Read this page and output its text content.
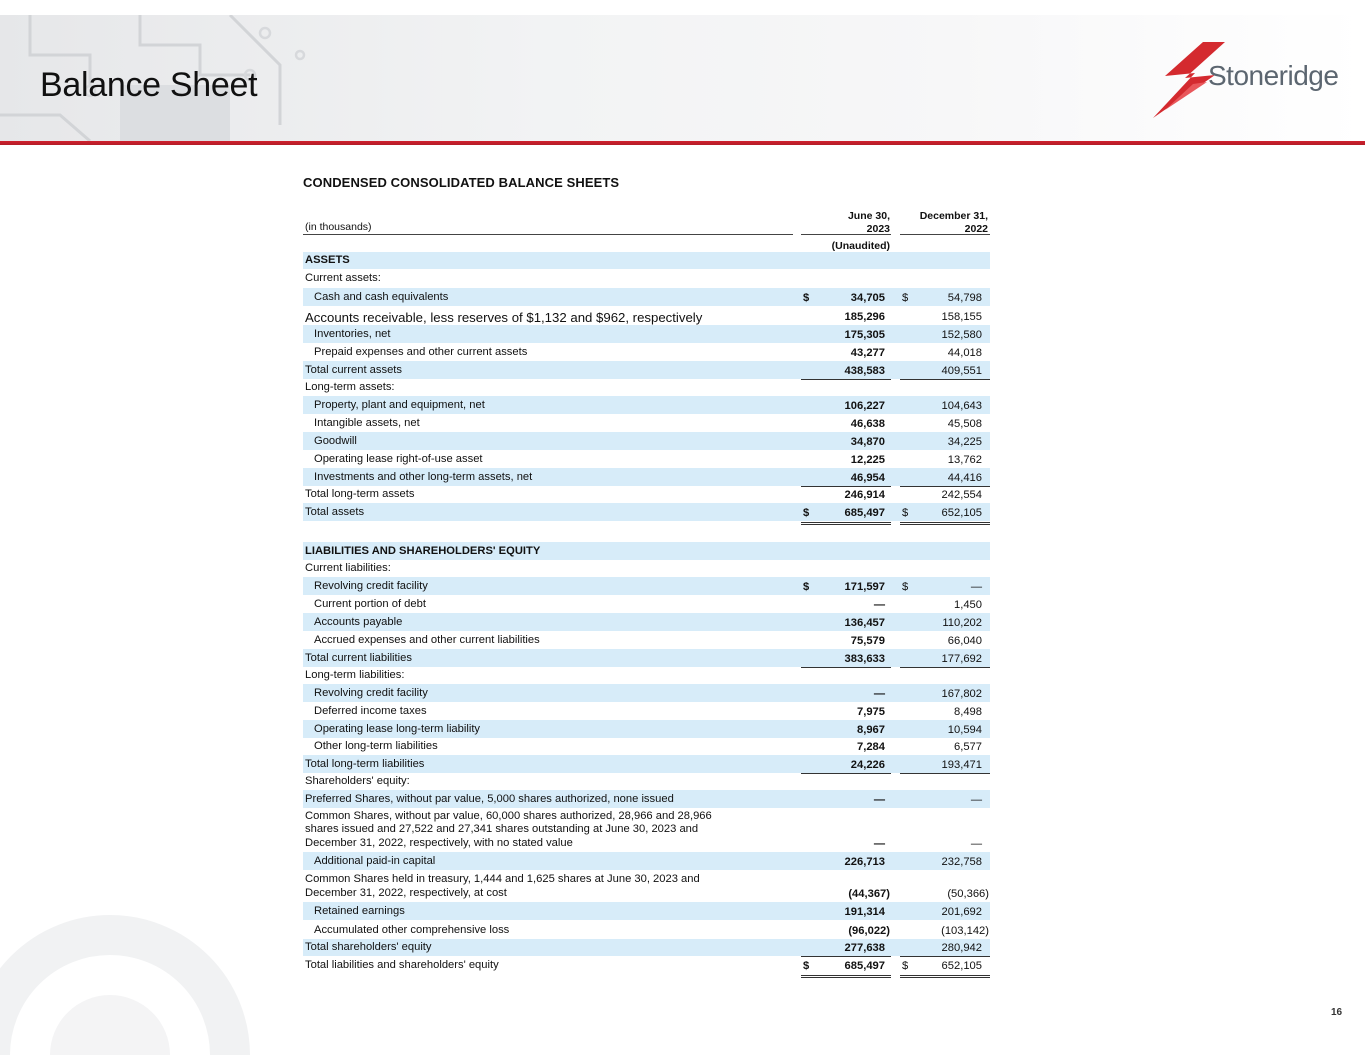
Balance Sheet	Stoneridge
CONDENSED CONSOLIDATED BALANCE SHEETS
(in thousands)
June 30,
2023
December 31,
2022
(Unaudited)
ASSETS
Current assets:
Cash and cash equivalents	$	34,705 $	54,798
Accounts receivable, less reserves of $1,132 and $962, respectively	185,296	158,155
Inventories, net	175,305	152,580
Prepaid expenses and other current assets	43,277	44,018
Total current assets	438,583	409,551
Long-term assets:
Property, plant and equipment, net	106,227	104,643
Intangible assets, net	46,638	45,508
Goodwill	34,870	34,225
Operating lease right-of-use asset	12,225	13,762
Investments and other long-term assets, net	46,954	44,416
Total long-term assets	246,914	242,554
Total assets	$	685,497 $	652,105
LIABILITIES AND SHAREHOLDERS' EQUITY
Current liabilities:
Revolving credit facility	$	171,597 $	—
Current portion of debt	—	1,450
Accounts payable	136,457	110,202
Accrued expenses and other current liabilities	75,579	66,040
Total current liabilities	383,633	177,692
Long-term liabilities:
Revolving credit facility	—	167,802
Deferred income taxes	7,975	8,498
Operating lease long-term liability	8,967	10,594
Other long-term liabilities	7,284	6,577
Total long-term liabilities	24,226	193,471
Shareholders' equity:
Preferred Shares, without par value, 5,000 shares authorized, none issued	—	—
Common Shares, without par value, 60,000 shares authorized, 28,966 and 28,966
shares issued and 27,522 and 27,341 shares outstanding at June 30, 2023 and
December 31, 2022, respectively, with no stated value	—	—
Additional paid-in capital	226,713	232,758
Common Shares held in treasury, 1,444 and 1,625 shares at June 30, 2023 and
December 31, 2022, respectively, at cost	(44,367)	(50,366)
Retained earnings	191,314	201,692
Accumulated other comprehensive loss	(96,022)	(103,142)
Total shareholders' equity	277,638	280,942
Total liabilities and shareholders' equity	$	685,497 $	652,105
16
